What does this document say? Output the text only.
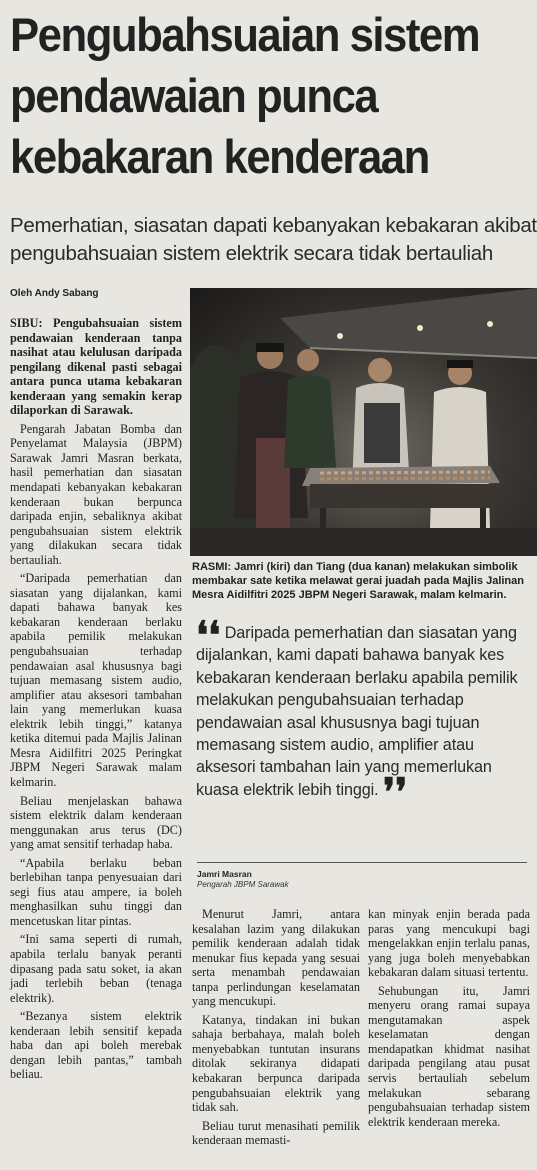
Pengubahsuaian sistem
pendawaian punca
kebakaran kenderaan
Pemerhatian, siasatan dapati kebanyakan kebakaran akibat
pengubahsuaian sistem elektrik secara tidak bertauliah
Oleh Andy Sabang

SIBU: Pengubahsuaian sistem pendawaian kenderaan tanpa nasihat atau kelulusan daripada pengilang dikenal pasti sebagai antara punca utama kebakaran kenderaan yang semakin kerap dilaporkan di Sarawak.

Pengarah Jabatan Bomba dan Penyelamat Malaysia (JBPM) Sarawak Jamri Masran berkata, hasil pemerhatian dan siasatan mendapati kebanyakan kebakaran kenderaan bukan berpunca daripada enjin, sebaliknya akibat pengubahsuaian sistem elektrik yang dilakukan secara tidak bertauliah.

“Daripada pemerhatian dan siasatan yang dijalankan, kami dapati bahawa banyak kes kebakaran kenderaan berlaku apabila pemilik melakukan pengubahsuaian terhadap pendawaian asal khususnya bagi tujuan memasang sistem audio, amplifier atau aksesori tambahan lain yang memerlukan kuasa elektrik lebih tinggi,” katanya ketika ditemui pada Majlis Jalinan Mesra Aidilfitri 2025 Peringkat JBPM Negeri Sarawak malam kelmarin.

Beliau menjelaskan bahawa sistem elektrik dalam kenderaan menggunakan arus terus (DC) yang amat sensitif terhadap haba.

“Apabila berlaku beban berlebihan tanpa penyesuaian dari segi fius atau ampere, ia boleh menghasilkan suhu tinggi dan mencetuskan litar pintas.

“Ini sama seperti di rumah, apabila terlalu banyak peranti dipasang pada satu soket, ia akan jadi terlebih beban (tenaga elektrik).

“Bezanya sistem elektrik kenderaan lebih sensitif kepada haba dan api boleh merebak dengan lebih pantas,” tambah beliau.

RASMI: Jamri (kiri) dan Tiang (dua kanan) melakukan simbolik membakar sate ketika melawat gerai juadah pada Majlis Jalinan Mesra Aidilfitri 2025 JBPM Negeri Sarawak, malam kelmarin.
❛❛ Daripada pemerhatian dan siasatan yang dijalankan, kami dapati bahawa banyak kes kebakaran kenderaan berlaku apabila pemilik melakukan pengubahsuaian terhadap pendawaian asal khususnya bagi tujuan memasang sistem audio, amplifier atau aksesori tambahan lain yang memerlukan kuasa elektrik lebih tinggi. ❜❜
Jamri Masran
Pengarah JBPM Sarawak

Menurut Jamri, antara kesalahan lazim yang dilakukan pemilik kenderaan adalah tidak menukar fius kepada yang sesuai serta menambah pendawaian tanpa perlindungan keselamatan yang mencukupi.

Katanya, tindakan ini bukan sahaja berbahaya, malah boleh menyebabkan tuntutan insurans ditolak sekiranya didapati kebakaran berpunca daripada pengubahsuaian elektrik yang tidak sah.

Beliau turut menasihati pemilik kenderaan memasti-

kan minyak enjin berada pada paras yang mencukupi bagi mengelakkan enjin terlalu panas, yang juga boleh menyebabkan kebakaran dalam situasi tertentu.

Sehubungan itu, Jamri menyeru orang ramai supaya mengutamakan aspek keselamatan dengan mendapatkan khidmat nasihat daripada pengilang atau pusat servis bertauliah sebelum melakukan sebarang pengubahsuaian terhadap sistem elektrik kenderaan mereka.
